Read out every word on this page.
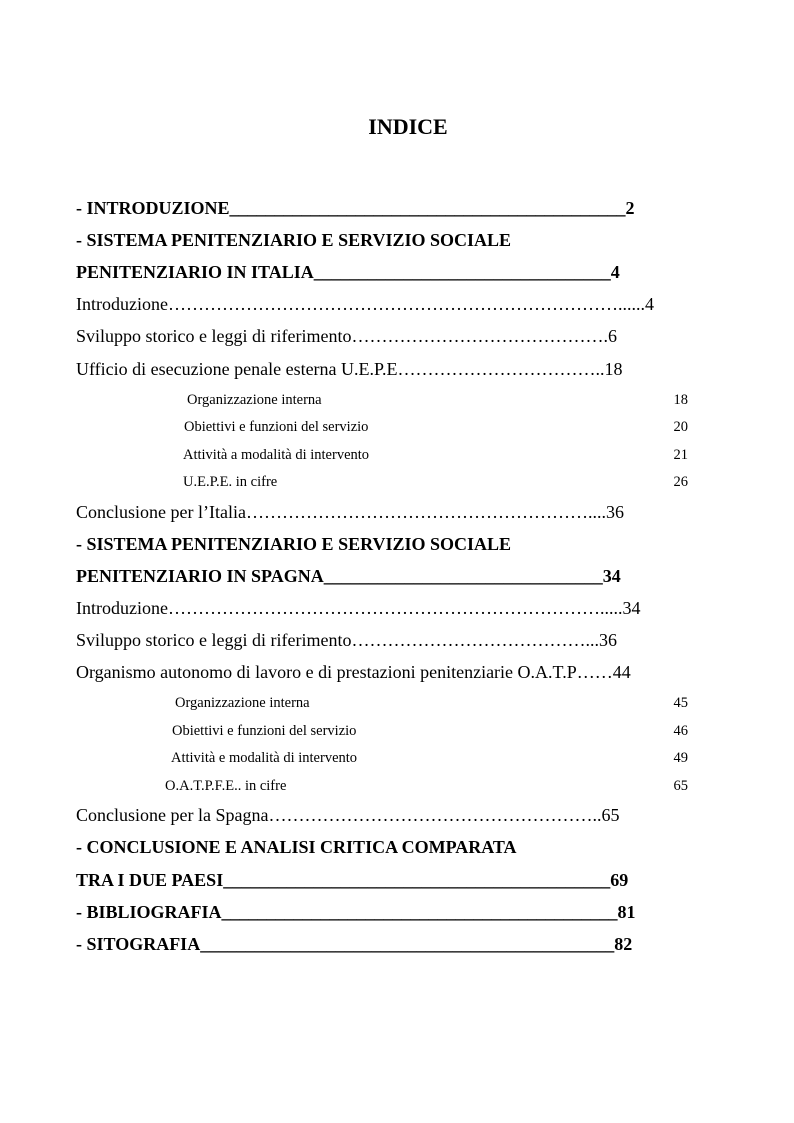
INDICE
- INTRODUZIONE____________________________________________2
- SISTEMA PENITENZIARIO E SERVIZIO SOCIALE
PENITENZIARIO IN ITALIA_________________________________4
Introduzione…………………………………………………………………......4
Sviluppo storico e leggi di riferimento…………………………………….6
Ufficio di esecuzione penale esterna U.E.P.E……………………………..18
Organizzazione interna	18
Obiettivi e funzioni del servizio	20
Attività a modalità di intervento	21
U.E.P.E. in cifre	26
Conclusione per l’Italia…………………………………………………....36
- SISTEMA PENITENZIARIO E SERVIZIO SOCIALE
PENITENZIARIO IN SPAGNA_______________________________34
Introduzione……………………………………………………………….....34
Sviluppo storico e leggi di riferimento…………………………………...36
Organismo autonomo di lavoro e di prestazioni penitenziarie O.A.T.P……44
Organizzazione interna	45
Obiettivi e funzioni del servizio	46
Attività e modalità di intervento	49
O.A.T.P.F.E.. in cifre	65
Conclusione per la Spagna………………………………………………..65
- CONCLUSIONE E ANALISI CRITICA COMPARATA
TRA I DUE PAESI___________________________________________69
- BIBLIOGRAFIA____________________________________________81
- SITOGRAFIA______________________________________________82
